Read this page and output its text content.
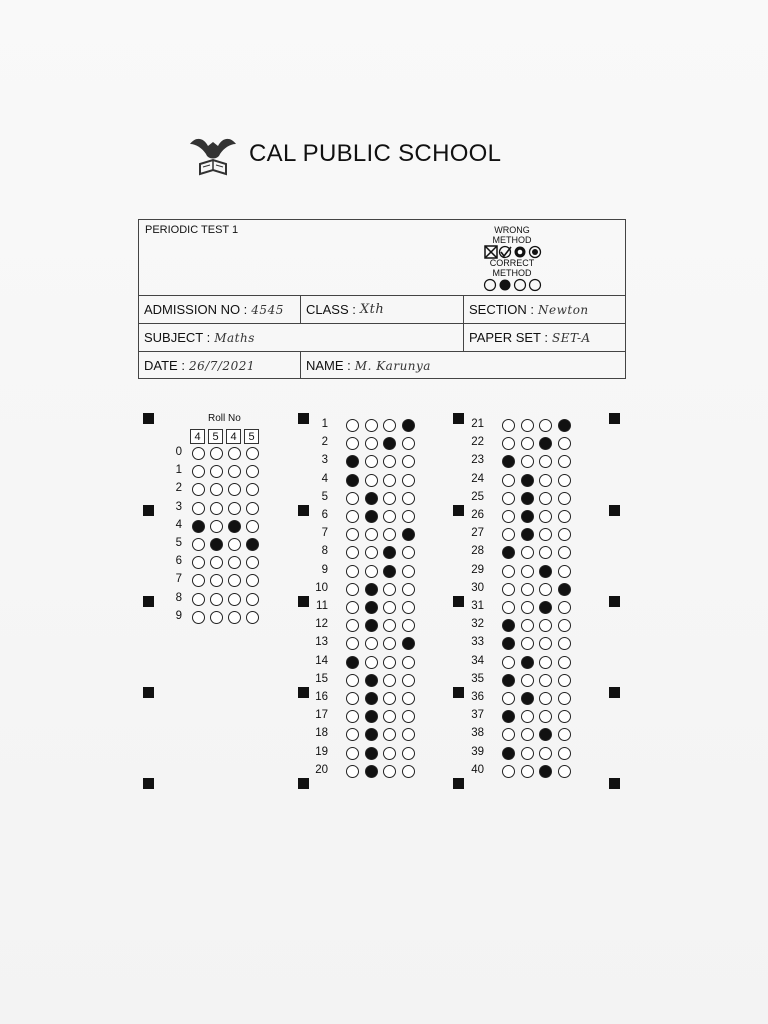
CAL PUBLIC SCHOOL
PERIODIC TEST 1	WRONG METHOD
CORRECT METHOD
ADMISSION NO : 4545 CLASS : Xth	SECTION : Newton
SUBJECT : Maths	PAPER SET : SET-A
DATE : 26/7/2021	NAME : M. Karunya
Roll No
4	5	4	5
0
1
2
3
4
5
6
7
8
9
1
2
3
4
5
6
7
8
9
10
11
12
13
14
15
16
17
18
19
20
21
22
23
24
25
26
27
28
29
30
31
32
33
34
35
36
37
38
39
40
